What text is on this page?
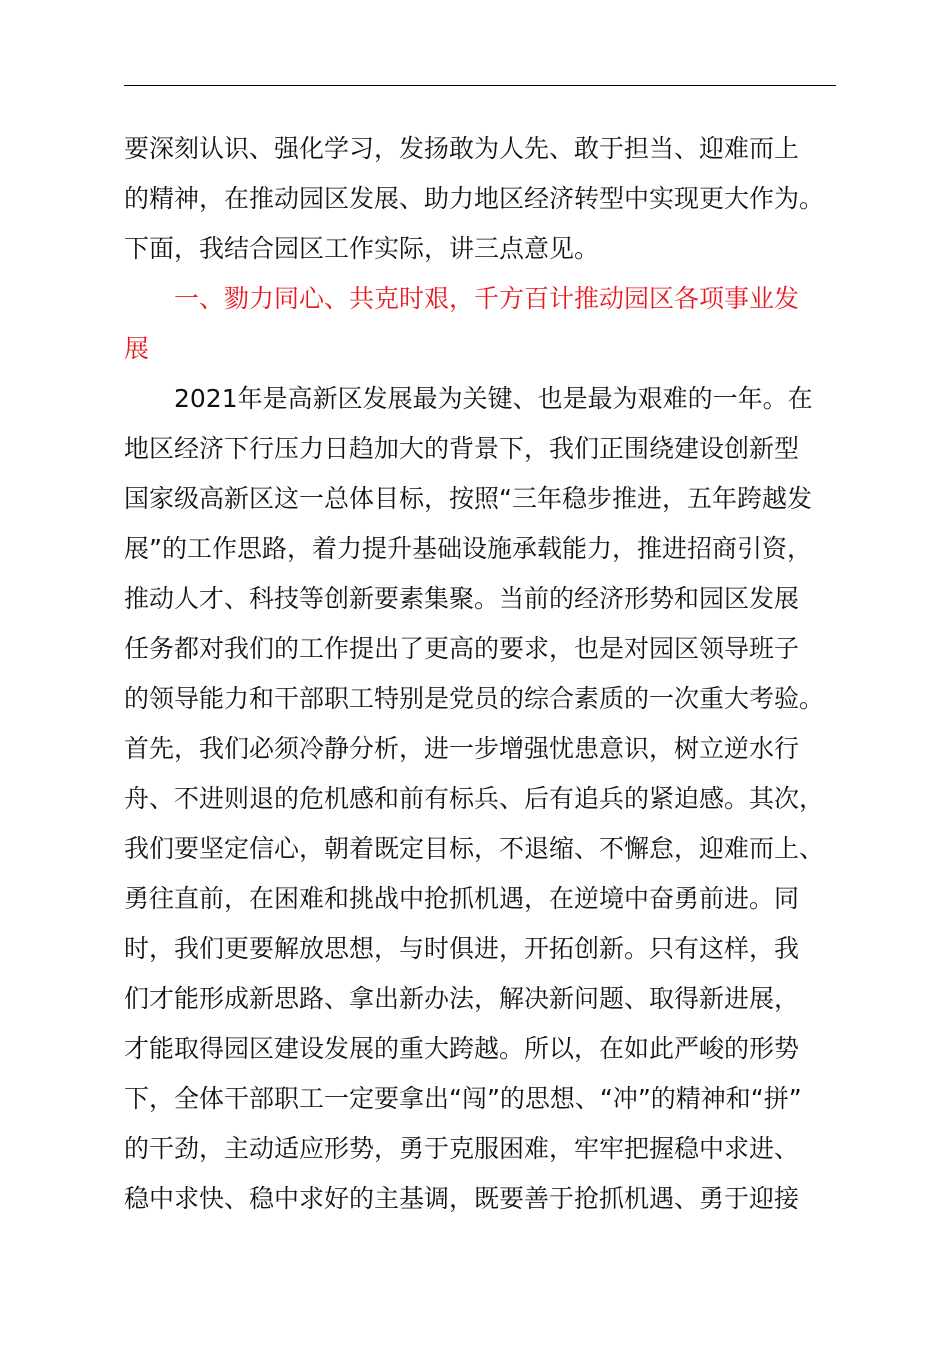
要深刻认识、强化学习，发扬敢为人先、敢于担当、迎难而上
的精神，在推动园区发展、助力地区经济转型中实现更大作为。
下面，我结合园区工作实际，讲三点意见。
一、勠力同心、共克时艰，千方百计推动园区各项事业发
展
2021年是高新区发展最为关键、也是最为艰难的一年。在
地区经济下行压力日趋加大的背景下，我们正围绕建设创新型
国家级高新区这一总体目标，按照“三年稳步推进，五年跨越发
展”的工作思路，着力提升基础设施承载能力，推进招商引资，
推动人才、科技等创新要素集聚。当前的经济形势和园区发展
任务都对我们的工作提出了更高的要求，也是对园区领导班子
的领导能力和干部职工特别是党员的综合素质的一次重大考验。
首先，我们必须冷静分析，进一步增强忧患意识，树立逆水行
舟、不进则退的危机感和前有标兵、后有追兵的紧迫感。其次，
我们要坚定信心，朝着既定目标，不退缩、不懈怠，迎难而上、
勇往直前，在困难和挑战中抢抓机遇，在逆境中奋勇前进。同
时，我们更要解放思想，与时俱进，开拓创新。只有这样，我
们才能形成新思路、拿出新办法，解决新问题、取得新进展，
才能取得园区建设发展的重大跨越。所以，在如此严峻的形势
下，全体干部职工一定要拿出“闯”的思想、“冲”的精神和“拼”
的干劲，主动适应形势，勇于克服困难，牢牢把握稳中求进、
稳中求快、稳中求好的主基调，既要善于抢抓机遇、勇于迎接
